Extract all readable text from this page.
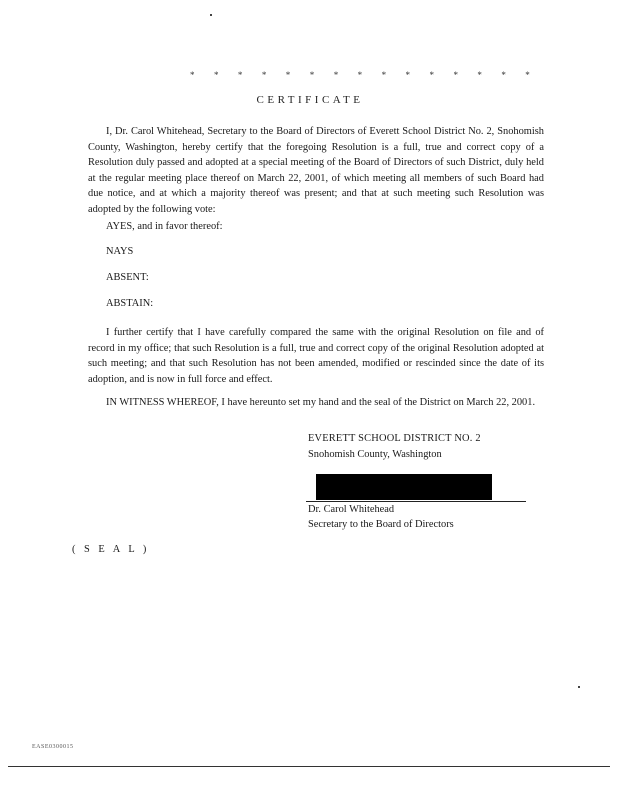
* * * * * * * * * * * * * * *
CERTIFICATE

I, Dr. Carol Whitehead, Secretary to the Board of Directors of Everett School District No. 2, Snohomish County, Washington, hereby certify that the foregoing Resolution is a full, true and correct copy of a Resolution duly passed and adopted at a special meeting of the Board of Directors of such District, duly held at the regular meeting place thereof on March 22, 2001, of which meeting all members of such Board had due notice, and at which a majority thereof was present; and that at such meeting such Resolution was adopted by the following vote:

AYES, and in favor thereof:

NAYS

ABSENT:

ABSTAIN:

I further certify that I have carefully compared the same with the original Resolution on file and of record in my office; that such Resolution is a full, true and correct copy of the original Resolution adopted at such meeting; and that such Resolution has not been amended, modified or rescinded since the date of its adoption, and is now in full force and effect.

IN WITNESS WHEREOF, I have hereunto set my hand and the seal of the District on March 22, 2001.

EVERETT SCHOOL DISTRICT NO. 2

Snohomish County, Washington

Dr. Carol Whitehead

Secretary to the Board of Directors

( S E A L )

EASE0300015
